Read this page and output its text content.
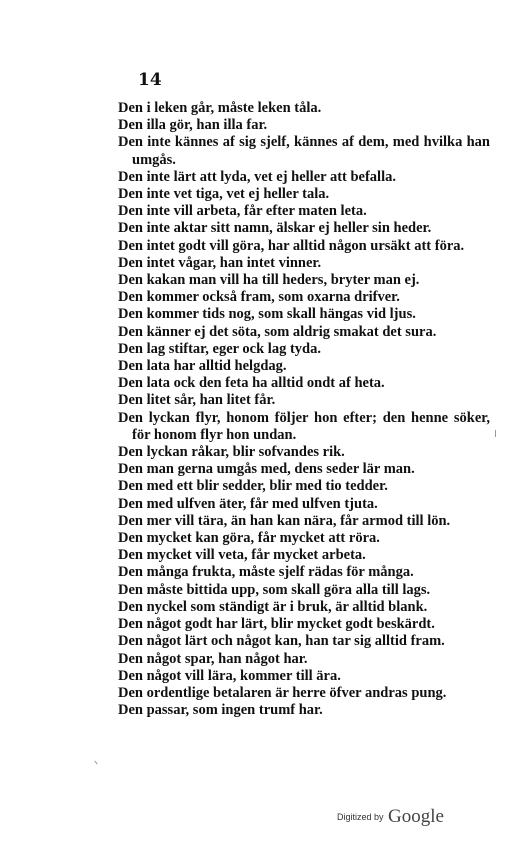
14
Den i leken går, måste leken tåla.
Den illa gör, han illa far.
Den inte kännes af sig sjelf, kännes af dem, med hvilka han umgås.
Den inte lärt att lyda, vet ej heller att befalla.
Den inte vet tiga, vet ej heller tala.
Den inte vill arbeta, får efter maten leta.
Den inte aktar sitt namn, älskar ej heller sin heder.
Den intet godt vill göra, har alltid någon ursäkt att föra.
Den intet vågar, han intet vinner.
Den kakan man vill ha till heders, bryter man ej.
Den kommer också fram, som oxarna drifver.
Den kommer tids nog, som skall hängas vid ljus.
Den känner ej det söta, som aldrig smakat det sura.
Den lag stiftar, eger ock lag tyda.
Den lata har alltid helgdag.
Den lata ock den feta ha alltid ondt af heta.
Den litet sår, han litet får.
Den lyckan flyr, honom följer hon efter; den henne söker, för honom flyr hon undan.
Den lyckan råkar, blir sofvandes rik.
Den man gerna umgås med, dens seder lär man.
Den med ett blir sedder, blir med tio tedder.
Den med ulfven äter, får med ulfven tjuta.
Den mer vill tära, än han kan nära, får armod till lön.
Den mycket kan göra, får mycket att röra.
Den mycket vill veta, får mycket arbeta.
Den många frukta, måste sjelf rädas för många.
Den måste bittida upp, som skall göra alla till lags.
Den nyckel som ständigt är i bruk, är alltid blank.
Den något godt har lärt, blir mycket godt beskärdt.
Den något lärt och något kan, han tar sig alltid fram.
Den något spar, han något har.
Den något vill lära, kommer till ära.
Den ordentlige betalaren är herre öfver andras pung.
Den passar, som ingen trumf har.
Digitized by Google
